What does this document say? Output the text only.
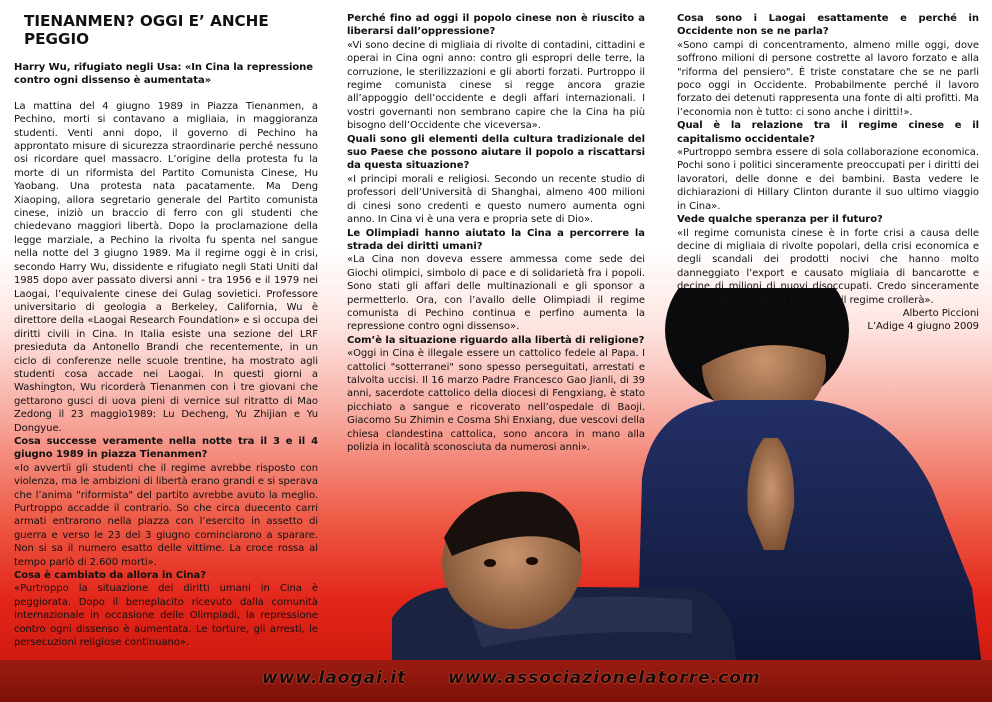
TIENANMEN? OGGI E’ ANCHE PEGGIO

Harry Wu, rifugiato negli Usa: «In Cina la repressione contro ogni dissenso è aumentata»

La mattina del 4 giugno 1989 in Piazza Tienanmen, a Pechino, morti si contavano a migliaia, in maggioranza studenti. Venti anni dopo, il governo di Pechino ha approntato misure di sicurezza straordinarie perché nessuno osi ricordare quel massacro. L’origine della protesta fu la morte di un riformista del Partito Comunista Cinese, Hu Yaobang. Una protesta nata pacatamente. Ma Deng Xiaoping, allora segretario generale del Partito comunista cinese, iniziò un braccio di ferro con gli studenti che chiedevano maggiori libertà. Dopo la proclamazione della legge marziale, a Pechino la rivolta fu spenta nel sangue nella notte del 3 giugno 1989. Ma il regime oggi è in crisi, secondo Harry Wu, dissidente e rifugiato negli Stati Uniti dal 1985 dopo aver passato diversi anni - tra 1956 e il 1979 nei Laogai, l’equivalente cinese dei Gulag sovietici. Professore universitario di geologia a Berkeley, California, Wu è direttore della «Laogai Research Foundation» e si occupa dei diritti civili in Cina. In Italia esiste una sezione del LRF presieduta da Antonello Brandi che recentemente, in un ciclo di conferenze nelle scuole trentine, ha mostrato agli studenti cosa accade nei Laogai. In questi giorni a Washington, Wu ricorderà Tienanmen con i tre giovani che gettarono gusci di uova pieni di vernice sul ritratto di Mao Zedong il 23 maggio1989: Lu Decheng, Yu Zhijian e Yu Dongyue.

Cosa successe veramente nella notte tra il 3 e il 4 giugno 1989 in piazza Tienanmen?

«Io avvertii gli studenti che il regime avrebbe risposto con violenza, ma le ambizioni di libertà erano grandi e si sperava che l’anima "riformista" del partito avrebbe avuto la meglio. Purtroppo accadde il contrario. So che circa duecento carri armati entrarono nella piazza con l’esercito in assetto di guerra e verso le 23 del 3 giugno cominciarono a sparare. Non si sa il numero esatto delle vittime. La croce rossa al tempo parlò di 2.600 morti».

Cosa è cambiato da allora in Cina?

«Purtroppo la situazione dei diritti umani in Cina è peggiorata. Dopo il beneplacito ricevuto dalla comunità internazionale in occasione delle Olimpiadi, la repressione contro ogni dissenso è aumentata. Le torture, gli arresti, le persecuzioni religiose continuano».

Perché fino ad oggi il popolo cinese non è riuscito a liberarsi dall’oppressione?

«Vi sono decine di migliaia di rivolte di contadini, cittadini e operai in Cina ogni anno: contro gli espropri delle terre, la corruzione, le sterilizzazioni e gli aborti forzati. Purtroppo il regime comunista cinese si regge ancora grazie all’appoggio dell’occidente e degli affari internazionali. I vostri governanti non sembrano capire che la Cina ha più bisogno dell’Occidente che viceversa».

Quali sono gli elementi della cultura tradizionale del suo Paese che possono aiutare il popolo a riscattarsi da questa situazione?

«I principi morali e religiosi. Secondo un recente studio di professori dell’Università di Shanghai, almeno 400 milioni di cinesi sono credenti e questo numero aumenta ogni anno. In Cina vi è una vera e propria sete di Dio».

Le Olimpiadi hanno aiutato la Cina a percorrere la strada dei diritti umani?

«La Cina non doveva essere ammessa come sede dei Giochi olimpici, simbolo di pace e di solidarietà fra i popoli. Sono stati gli affari delle multinazionali e gli sponsor a permetterlo. Ora, con l’avallo delle Olimpiadi il regime comunista di Pechino continua e perfino aumenta la repressione contro ogni dissenso».

Com’è la situazione riguardo alla libertà di religione?

«Oggi in Cina è illegale essere un cattolico fedele al Papa. I cattolici "sotterranei" sono spesso perseguitati, arrestati e talvolta uccisi. Il 16 marzo Padre Francesco Gao Jianli, di 39 anni, sacerdote cattolico della diocesi di Fengxiang, è stato picchiato a sangue e ricoverato nell’ospedale di Baoji. Giacomo Su Zhimin e Cosma Shi Enxiang, due vescovi della chiesa clandestina cattolica, sono ancora in mano alla polizia in località sconosciuta da numerosi anni».

Cosa sono i Laogai esattamente e perché in Occidente non se ne parla?

«Sono campi di concentramento, almeno mille oggi, dove soffrono milioni di persone costrette al lavoro forzato e alla "riforma del pensiero". È triste constatare che se ne parli poco oggi in Occidente. Probabilmente perché il lavoro forzato dei detenuti rappresenta una fonte di alti profitti. Ma l’economia non è tutto: ci sono anche i diritti!».

Qual è la relazione tra il regime cinese e il capitalismo occidentale?

«Purtroppo sembra essere di sola collaborazione economica. Pochi sono i politici sinceramente preoccupati per i diritti dei lavoratori, delle donne e dei bambini. Basta vedere le dichiarazioni di Hillary Clinton durante il suo ultimo viaggio in Cina».

Vede qualche speranza per il futuro?

«Il regime comunista cinese è in forte crisi a causa delle decine di migliaia di rivolte popolari, della crisi economica e degli scandali dei prodotti nocivi che hanno molto danneggiato l’export e causato migliaia di bancarotte e decine di milioni di nuovi disoccupati. Credo sinceramente che sia solo questione di tempo: il regime crollerà».

Alberto Piccioni

L’Adige 4 giugno 2009

www.laogai.it www.associazionelatorre.com
